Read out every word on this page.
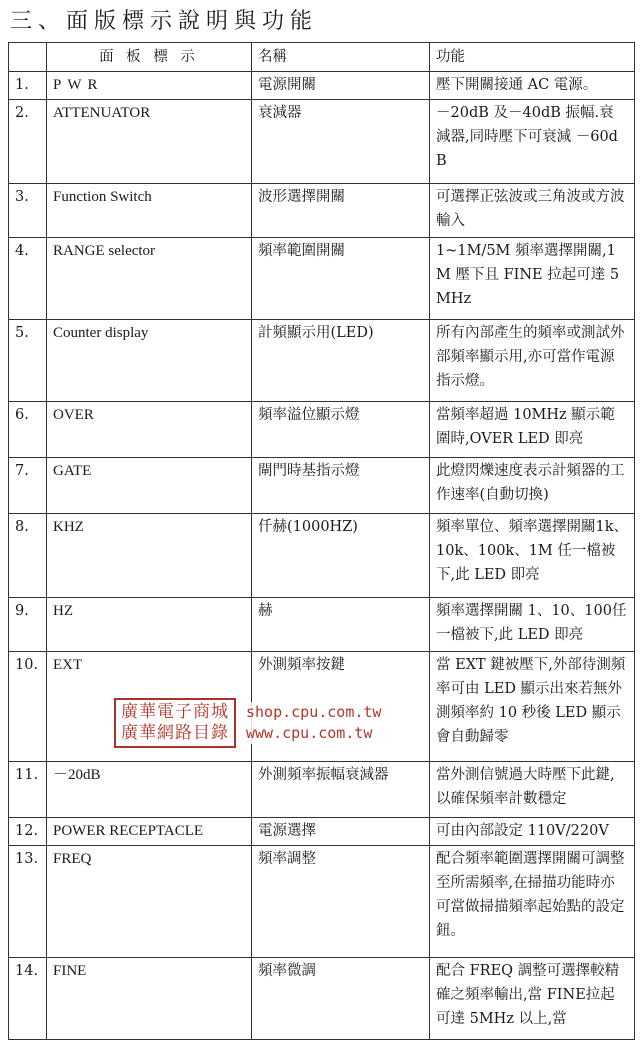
三、面版標示說明與功能
	面 板 標 示	名稱	功能
1.	PWR	電源開關	壓下開關接通 AC 電源。
2.	ATTENUATOR	衰減器	－20dB 及－40dB 振幅.衰減器,同時壓下可衰減 －60dB
3.	Function Switch	波形選擇開關	可選擇正弦波或三角波或方波輸入
4.	RANGE selector	頻率範圍開關	1~1M/5M 頻率選擇開關,1M 壓下且 FINE 拉起可達 5MHz
5.	Counter display	計頻顯示用(LED)	所有內部產生的頻率或測試外部頻率顯示用,亦可當作電源指示燈。
6.	OVER	頻率溢位顯示燈	當頻率超過 10MHz 顯示範圍時,OVER LED 即亮
7.	GATE	閘門時基指示燈	此燈閃爍速度表示計頻器的工作速率(自動切換)
8.	KHZ	仟赫(1000HZ)	頻率單位、頻率選擇開關1k、10k、100k、1M 任一檔被下,此 LED 即亮
9.	HZ	赫	頻率選擇開關 1、10、100任一檔被下,此 LED 即亮
10.	EXT	外測頻率按鍵	當 EXT 鍵被壓下,外部待測頻率可由 LED 顯示出來若無外測頻率約 10 秒後 LED 顯示會自動歸零
11.	－20dB	外測頻率振幅衰減器	當外測信號過大時壓下此鍵,以確保頻率計數穩定
12.	POWER RECEPTACLE	電源選擇	可由內部設定 110V/220V
13.	FREQ	頻率調整	配合頻率範圍選擇開關可調整至所需頻率,在掃描功能時亦可當做掃描頻率起始點的設定鈕。
14.	FINE	頻率微調	配合 FREQ 調整可選擇較精確之頻率輸出,當 FINE拉起可達 5MHz 以上,當
廣華電子商城
廣華網路目錄
shop.cpu.com.tw
www.cpu.com.tw
